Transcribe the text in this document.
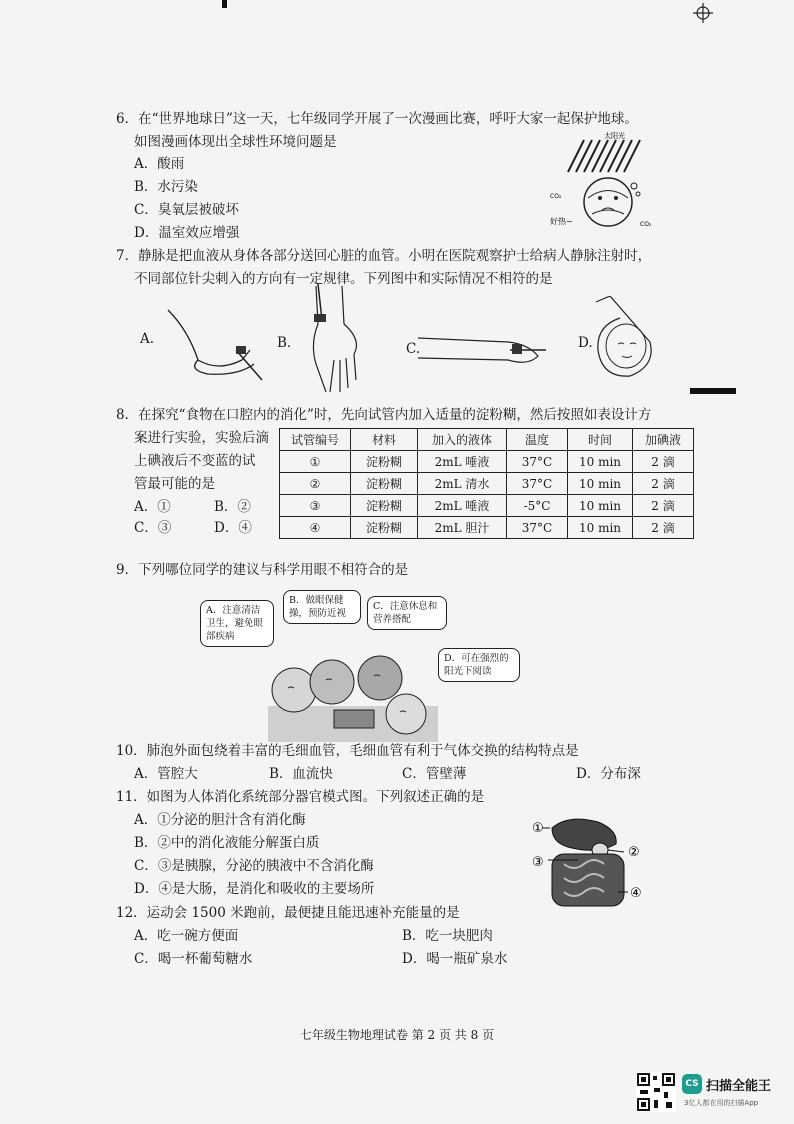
6．在“世界地球日”这一天，七年级同学开展了一次漫画比赛，呼吁大家一起保护地球。
如图漫画体现出全球性环境问题是
A．酸雨
B．水污染
C．臭氧层被破坏
D．温室效应增强
太阳光
CO₂
CO₂
好热~
7．静脉是把血液从身体各部分送回心脏的血管。小明在医院观察护士给病人静脉注射时，
不同部位针尖刺入的方向有一定规律。下列图中和实际情况不相符的是
A.	B.	C.	D.
8．在探究“食物在口腔内的消化”时，先向试管内加入适量的淀粉糊，然后按照如表设计方
案进行实验，实验后滴
上碘液后不变蓝的试
管最可能的是
A．①	B．②
C．③	D．④
试管编号	材料	加入的液体	温度	时间	加碘液
①	淀粉糊	2mL 唾液	37°C	10 min	2 滴
②	淀粉糊	2mL 清水	37°C	10 min	2 滴
③	淀粉糊	2mL 唾液	-5°C	10 min	2 滴
④	淀粉糊	2mL 胆汁	37°C	10 min	2 滴
9．下列哪位同学的建议与科学用眼不相符合的是
A．注意清洁卫生，避免眼部疾病
B．做眼保健操，预防近视
C．注意休息和营养搭配
D．可在强烈的阳光下阅读
10．肺泡外面包绕着丰富的毛细血管，毛细血管有利于气体交换的结构特点是
A．管腔大	B．血流快	C．管壁薄	D．分布深
11．如图为人体消化系统部分器官模式图。下列叙述正确的是
A．①分泌的胆汁含有消化酶
B．②中的消化液能分解蛋白质
C．③是胰腺，分泌的胰液中不含消化酶
D．④是大肠，是消化和吸收的主要场所
①
②
③
④
12．运动会 1500 米跑前，最便捷且能迅速补充能量的是
A．吃一碗方便面	B．吃一块肥肉
C．喝一杯葡萄糖水	D．喝一瓶矿泉水
七年级生物地理试卷 第 2 页 共 8 页
CS 扫描全能王
3亿人都在用的扫描App
